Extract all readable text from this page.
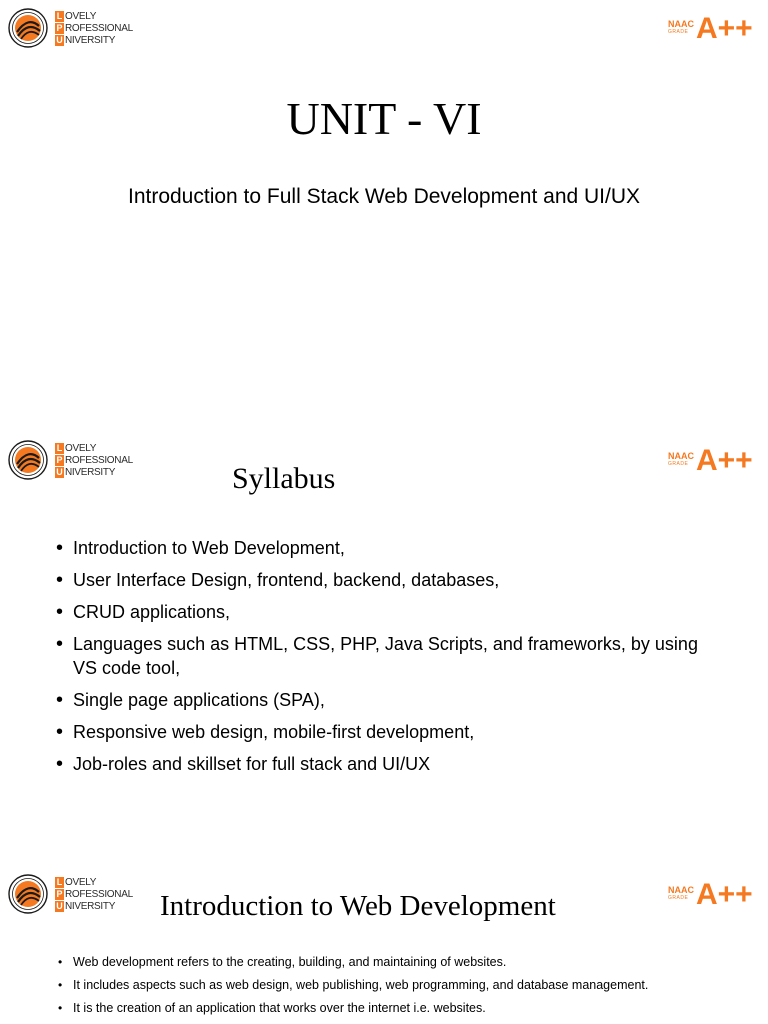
L OVELY
P ROFESSIONAL
U NIVERSITY
NAAC
GRADE A++
UNIT - VI
Introduction to Full Stack Web Development and UI/UX
L OVELY
P ROFESSIONAL
U NIVERSITY
NAAC
GRADE A++
Syllabus
• Introduction to Web Development,
• User Interface Design, frontend, backend, databases,
• CRUD applications,
• Languages such as HTML, CSS, PHP, Java Scripts, and frameworks, by using VS code tool,
• Single page applications (SPA),
• Responsive web design, mobile-first development,
• Job-roles and skillset for full stack and UI/UX
L OVELY
P ROFESSIONAL
U NIVERSITY
NAAC
GRADE A++
Introduction to Web Development
• Web development refers to the creating, building, and maintaining of websites.
• It includes aspects such as web design, web publishing, web programming, and database management.
• It is the creation of an application that works over the internet i.e. websites.
